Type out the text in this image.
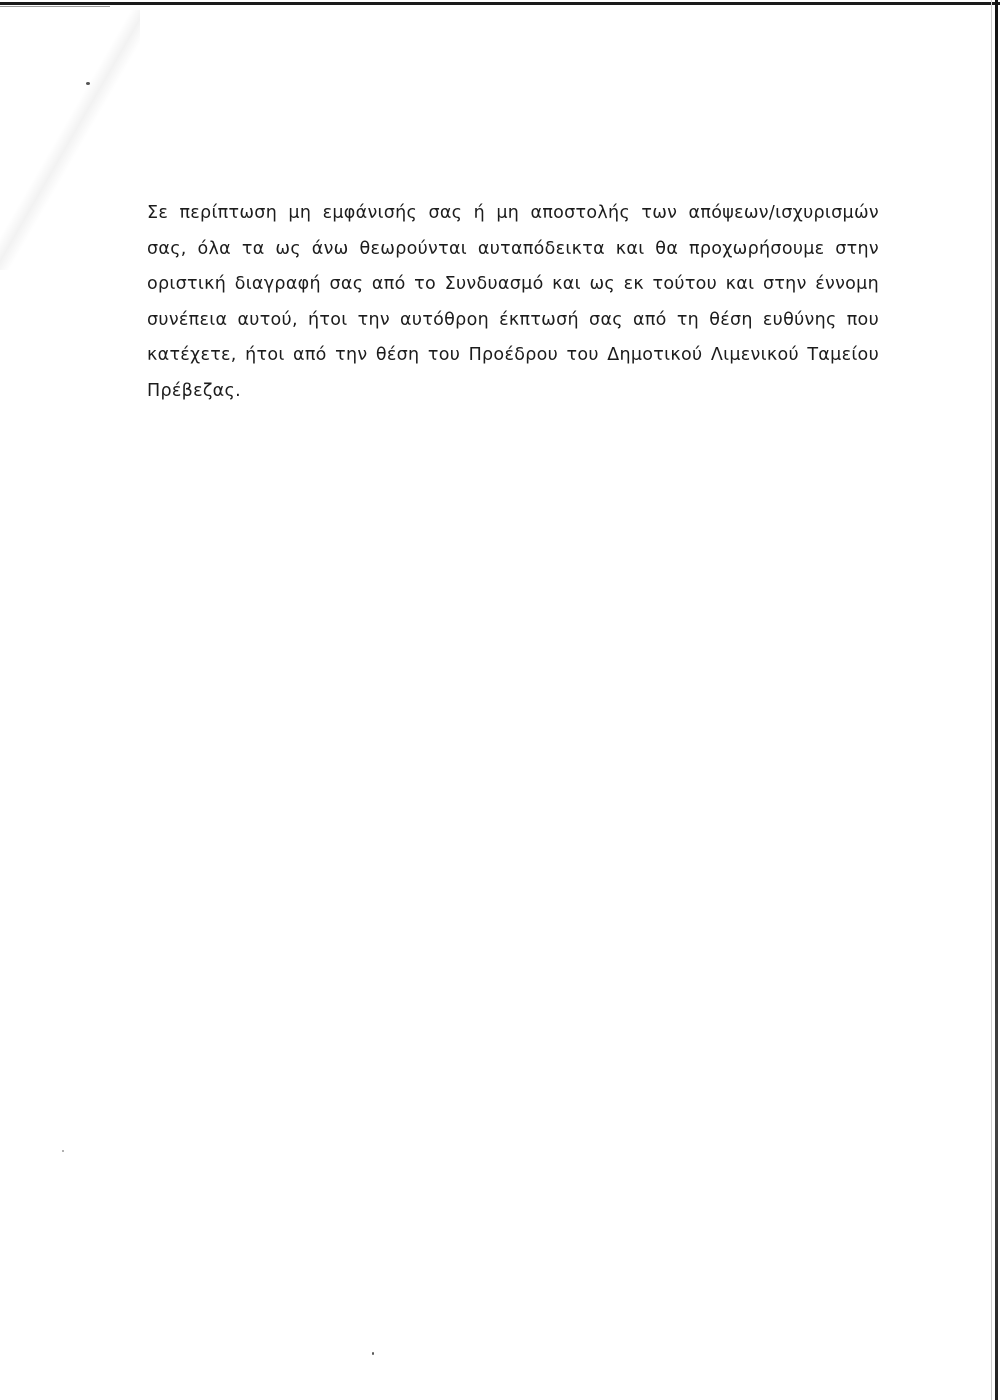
Σε περίπτωση μη εμφάνισής σας ή μη αποστολής των απόψεων/ισχυρισμών σας, όλα τα ως άνω θεωρούνται αυταπόδεικτα και θα προχωρήσουμε στην οριστική διαγραφή σας από το Συνδυασμό και ως εκ τούτου και στην έννομη συνέπεια αυτού, ήτοι την αυτόθρoη έκπτωσή σας από τη θέση ευθύνης που κατέχετε, ήτοι από την θέση του Προέδρου του Δημοτικού Λιμενικού Ταμείου Πρέβεζας.
